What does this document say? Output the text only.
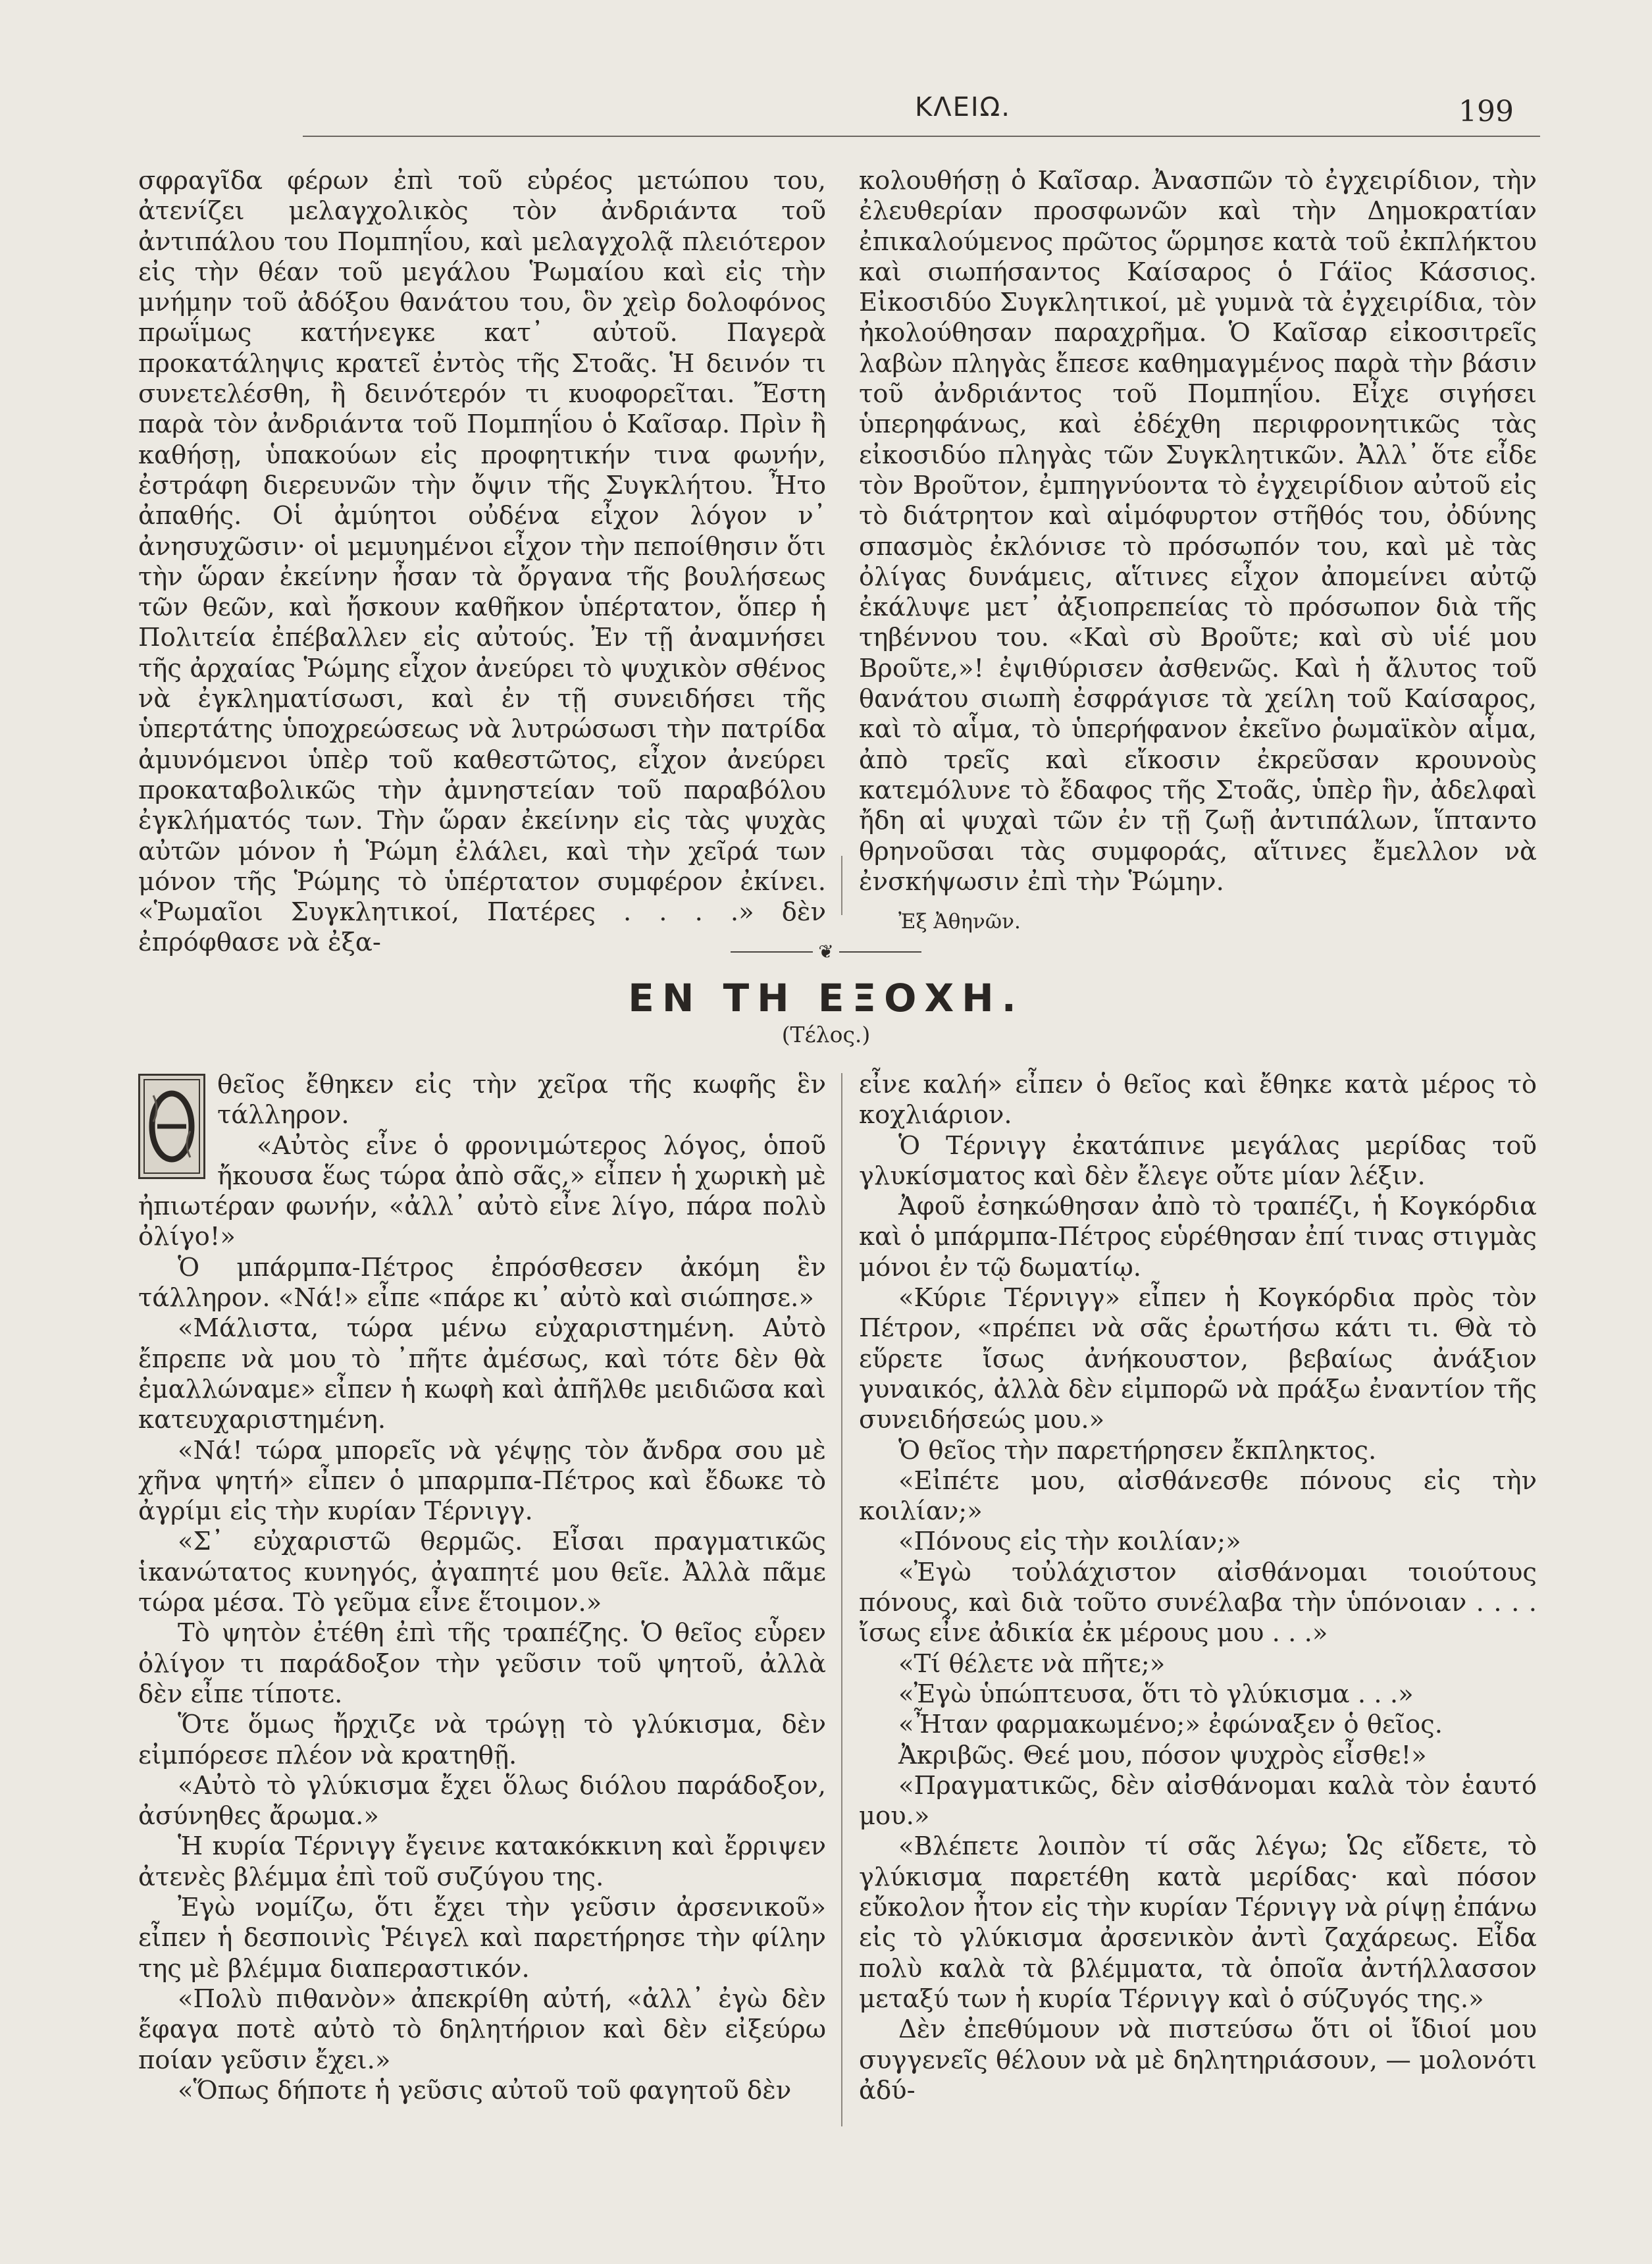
ΚΛΕΙΩ.	199

σφραγῖδα φέρων ἐπὶ τοῦ εὐρέος μετώπου του, ἀτενίζει μελαγχολικὸς τὸν ἀνδριάντα τοῦ ἀντιπάλου του Πομπηΐου, καὶ μελαγχολᾷ πλειότερον εἰς τὴν θέαν τοῦ μεγάλου Ῥωμαίου καὶ εἰς τὴν μνήμην τοῦ ἀδόξου θανάτου του, ὃν χεὶρ δολοφόνος πρωΐμως κατήνεγκε κατ᾽ αὐτοῦ. Παγερὰ προκατάληψις κρατεῖ ἐντὸς τῆς Στοᾶς. Ἡ δεινόν τι συνετελέσθη, ἢ δεινότερόν τι κυοφορεῖται. Ἔστη παρὰ τὸν ἀνδριάντα τοῦ Πομπηΐου ὁ Καῖσαρ. Πρὶν ἢ καθήσῃ, ὑπακούων εἰς προφητικήν τινα φωνήν, ἐστράφη διερευνῶν τὴν ὄψιν τῆς Συγκλήτου. Ἦτο ἀπαθής. Οἱ ἀμύητοι οὐδένα εἶχον λόγον ν᾽ ἀνησυχῶσιν· οἱ μεμυημένοι εἶχον τὴν πεποίθησιν ὅτι τὴν ὥραν ἐκείνην ἦσαν τὰ ὄργανα τῆς βουλήσεως τῶν θεῶν, καὶ ἤσκουν καθῆκον ὑπέρτατον, ὅπερ ἡ Πολιτεία ἐπέβαλλεν εἰς αὐτούς. Ἐν τῇ ἀναμνήσει τῆς ἀρχαίας Ῥώμης εἶχον ἀνεύρει τὸ ψυχικὸν σθένος νὰ ἐγκληματίσωσι, καὶ ἐν τῇ συνειδήσει τῆς ὑπερτάτης ὑποχρεώσεως νὰ λυτρώσωσι τὴν πατρίδα ἀμυνόμενοι ὑπὲρ τοῦ καθεστῶτος, εἶχον ἀνεύρει προκαταβολικῶς τὴν ἀμνηστείαν τοῦ παραβόλου ἐγκλήματός των. Τὴν ὥραν ἐκείνην εἰς τὰς ψυχὰς αὐτῶν μόνον ἡ Ῥώμη ἐλάλει, καὶ τὴν χεῖρά των μόνον τῆς Ῥώμης τὸ ὑπέρτατον συμφέρον ἐκίνει. «Ῥωμαῖοι Συγκλητικοί, Πατέρες . . . .» δὲν ἐπρόφθασε νὰ ἐξα-

κολουθήσῃ ὁ Καῖσαρ. Ἀνασπῶν τὸ ἐγχειρίδιον, τὴν ἐλευθερίαν προσφωνῶν καὶ τὴν Δημοκρατίαν ἐπικαλούμενος πρῶτος ὥρμησε κατὰ τοῦ ἐκπλήκτου καὶ σιωπήσαντος Καίσαρος ὁ Γάϊος Κάσσιος. Εἰκοσιδύο Συγκλητικοί, μὲ γυμνὰ τὰ ἐγχειρίδια, τὸν ἠκολούθησαν παραχρῆμα. Ὁ Καῖσαρ εἰκοσιτρεῖς λαβὼν πληγὰς ἔπεσε καθημαγμένος παρὰ τὴν βάσιν τοῦ ἀνδριάντος τοῦ Πομπηΐου. Εἶχε σιγήσει ὑπερηφάνως, καὶ ἐδέχθη περιφρονητικῶς τὰς εἰκοσιδύο πληγὰς τῶν Συγκλητικῶν. Ἀλλ᾽ ὅτε εἶδε τὸν Βροῦτον, ἐμπηγνύοντα τὸ ἐγχειρίδιον αὐτοῦ εἰς τὸ διάτρητον καὶ αἱμόφυρτον στῆθός του, ὀδύνης σπασμὸς ἐκλόνισε τὸ πρόσωπόν του, καὶ μὲ τὰς ὀλίγας δυνάμεις, αἵτινες εἶχον ἀπομείνει αὐτῷ ἐκάλυψε μετ᾽ ἀξιοπρεπείας τὸ πρόσωπον διὰ τῆς τηβέννου του. «Καὶ σὺ Βροῦτε; καὶ σὺ υἱέ μου Βροῦτε,»! ἐψιθύρισεν ἀσθενῶς. Καὶ ἡ ἄλυτος τοῦ θανάτου σιωπὴ ἐσφράγισε τὰ χείλη τοῦ Καίσαρος, καὶ τὸ αἷμα, τὸ ὑπερήφανον ἐκεῖνο ῥωμαϊκὸν αἷμα, ἀπὸ τρεῖς καὶ εἴκοσιν ἐκρεῦσαν κρουνοὺς κατεμόλυνε τὸ ἔδαφος τῆς Στοᾶς, ὑπὲρ ἣν, ἀδελφαὶ ἤδη αἱ ψυχαὶ τῶν ἐν τῇ ζωῇ ἀντιπάλων, ἵπταντο θρηνοῦσαι τὰς συμφοράς, αἵτινες ἔμελλον νὰ ἐνσκήψωσιν ἐπὶ τὴν Ῥώμην.

Ἐξ Ἀθηνῶν.

❦
ΕΝ ΤΗ ΕΞΟΧΗ.
(Τέλος.)

θεῖος ἔθηκεν εἰς τὴν χεῖρα τῆς κωφῆς ἓν τάλληρον.

«Αὐτὸς εἶνε ὁ φρονιμώτερος λόγος, ὁποῦ ἤκουσα ἕως τώρα ἀπὸ σᾶς,» εἶπεν ἡ χωρικὴ μὲ ἠπιωτέραν φωνήν, «ἀλλ᾽ αὐτὸ εἶνε λίγο, πάρα πολὺ ὀλίγο!»

Ὁ μπάρμπα-Πέτρος ἐπρόσθεσεν ἀκόμη ἓν τάλληρον. «Νά!» εἶπε «πάρε κι᾽ αὐτὸ καὶ σιώπησε.»

«Μάλιστα, τώρα μένω εὐχαριστημένη. Αὐτὸ ἔπρεπε νὰ μου τὸ ᾽πῆτε ἀμέσως, καὶ τότε δὲν θὰ ἐμαλλώναμε» εἶπεν ἡ κωφὴ καὶ ἀπῆλθε μειδιῶσα καὶ κατευχαριστημένη.

«Νά! τώρα μπορεῖς νὰ γέψῃς τὸν ἄνδρα σου μὲ χῆνα ψητή» εἶπεν ὁ μπαρμπα-Πέτρος καὶ ἔδωκε τὸ ἀγρίμι εἰς τὴν κυρίαν Τέρνιγγ.

«Σ᾽ εὐχαριστῶ θερμῶς. Εἶσαι πραγματικῶς ἱκανώτατος κυνηγός, ἀγαπητέ μου θεῖε. Ἀλλὰ πᾶμε τώρα μέσα. Τὸ γεῦμα εἶνε ἕτοιμον.»

Τὸ ψητὸν ἐτέθη ἐπὶ τῆς τραπέζης. Ὁ θεῖος εὗρεν ὀλίγον τι παράδοξον τὴν γεῦσιν τοῦ ψητοῦ, ἀλλὰ δὲν εἶπε τίποτε.

Ὅτε ὅμως ἤρχιζε νὰ τρώγῃ τὸ γλύκισμα, δὲν εἰμπόρεσε πλέον νὰ κρατηθῇ.

«Αὐτὸ τὸ γλύκισμα ἔχει ὅλως διόλου παράδοξον, ἀσύνηθες ἄρωμα.»

Ἡ κυρία Τέρνιγγ ἔγεινε κατακόκκινη καὶ ἔρριψεν ἀτενὲς βλέμμα ἐπὶ τοῦ συζύγου της.

Ἐγὼ νομίζω, ὅτι ἔχει τὴν γεῦσιν ἀρσενικοῦ» εἶπεν ἡ δεσποινὶς Ῥέιγελ καὶ παρετήρησε τὴν φίλην της μὲ βλέμμα διαπεραστικόν.

«Πολὺ πιθανὸν» ἀπεκρίθη αὐτή, «ἀλλ᾽ ἐγὼ δὲν ἔφαγα ποτὲ αὐτὸ τὸ δηλητήριον καὶ δὲν εἰξεύρω ποίαν γεῦσιν ἔχει.»

«Ὅπως δήποτε ἡ γεῦσις αὐτοῦ τοῦ φαγητοῦ δὲν

εἶνε καλή» εἶπεν ὁ θεῖος καὶ ἔθηκε κατὰ μέρος τὸ κοχλιάριον.

Ὁ Τέρνιγγ ἐκατάπινε μεγάλας μερίδας τοῦ γλυκίσματος καὶ δὲν ἔλεγε οὔτε μίαν λέξιν.

Ἀφοῦ ἐσηκώθησαν ἀπὸ τὸ τραπέζι, ἡ Κογκόρδια καὶ ὁ μπάρμπα-Πέτρος εὑρέθησαν ἐπί τινας στιγμὰς μόνοι ἐν τῷ δωματίῳ.

«Κύριε Τέρνιγγ» εἶπεν ἡ Κογκόρδια πρὸς τὸν Πέτρον, «πρέπει νὰ σᾶς ἐρωτήσω κάτι τι. Θὰ τὸ εὕρετε ἴσως ἀνήκουστον, βεβαίως ἀνάξιον γυναικός, ἀλλὰ δὲν εἰμπορῶ νὰ πράξω ἐναντίον τῆς συνειδήσεώς μου.»

Ὁ θεῖος τὴν παρετήρησεν ἔκπληκτος.

«Εἰπέτε μου, αἰσθάνεσθε πόνους εἰς τὴν κοιλίαν;»

«Πόνους εἰς τὴν κοιλίαν;»

«Ἐγὼ τοὐλάχιστον αἰσθάνομαι τοιούτους πόνους, καὶ διὰ τοῦτο συνέλαβα τὴν ὑπόνοιαν . . . . ἴσως εἶνε ἀδικία ἐκ μέρους μου . . .»

«Τί θέλετε νὰ πῆτε;»

«Ἐγὼ ὑπώπτευσα, ὅτι τὸ γλύκισμα . . .»

«Ἦταν φαρμακωμένο;» ἐφώναξεν ὁ θεῖος.

Ἀκριβῶς. Θεέ μου, πόσον ψυχρὸς εἶσθε!»

«Πραγματικῶς, δὲν αἰσθάνομαι καλὰ τὸν ἑαυτό μου.»

«Βλέπετε λοιπὸν τί σᾶς λέγω; Ὡς εἴδετε, τὸ γλύκισμα παρετέθη κατὰ μερίδας· καὶ πόσον εὔκολον ἦτον εἰς τὴν κυρίαν Τέρνιγγ νὰ ρίψῃ ἐπάνω εἰς τὸ γλύκισμα ἀρσενικὸν ἀντὶ ζαχάρεως. Εἶδα πολὺ καλὰ τὰ βλέμματα, τὰ ὁποῖα ἀντήλλασσον μεταξύ των ἡ κυρία Τέρνιγγ καὶ ὁ σύζυγός της.»

Δὲν ἐπεθύμουν νὰ πιστεύσω ὅτι οἱ ἴδιοί μου συγγενεῖς θέλουν νὰ μὲ δηλητηριάσουν, — μολονότι ἀδύ-
